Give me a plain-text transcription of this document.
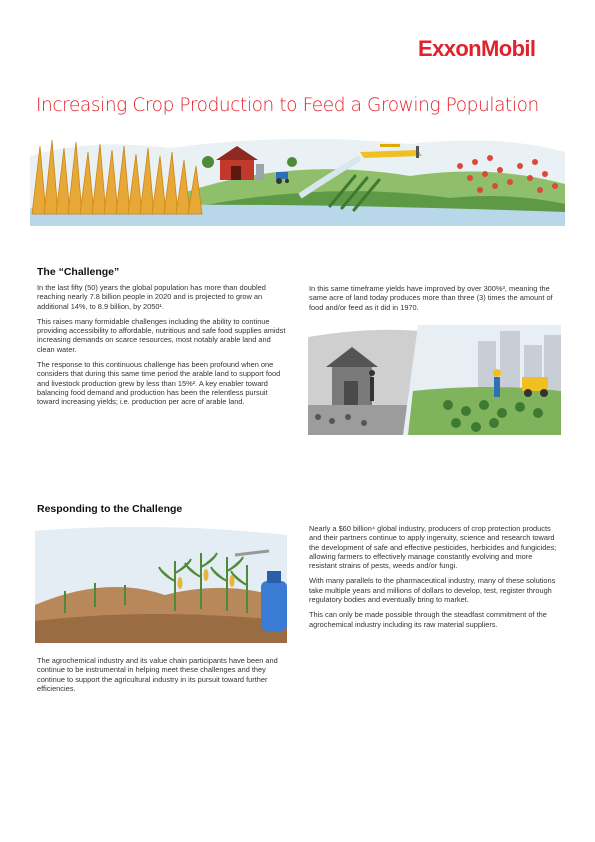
ExxonMobil
Increasing Crop Production to Feed a Growing Population
The “Challenge”

In the last fifty (50) years the global population has more than doubled reaching nearly 7.8 billion people in 2020 and is projected to grow an additional 14%, to 8.9 billion, by 2050¹.

This raises many formidable challenges including the ability to continue providing accessibility to affordable, nutritious and safe food supplies amidst increasing demands on scarce resources, most notably arable land and clean water.

The response to this continuous challenge has been profound when one considers that during this same time period the arable land to support food and livestock production grew by less than 15%². A key enabler toward balancing food demand and production has been the relentless pursuit toward increasing yields; i.e. production per acre of arable land.

In this same timeframe yields have improved by over 300%³, meaning the same acre of land today produces more than three (3) times the amount of food and/or feed as it did in 1970.

Responding to the Challenge

The agrochemical industry and its value chain participants have been and continue to be instrumental in helping meet these challenges and they continue to support the agricultural industry in its pursuit toward further efficiencies.

Nearly a $60 billion⁴ global industry, producers of crop protection products and their partners continue to apply ingenuity, science and research toward the development of safe and effective pesticides, herbicides and fungicides; allowing farmers to effectively manage constantly evolving and more resistant strains of pests, weeds and/or fungi.

With many parallels to the pharmaceutical industry, many of these solutions take multiple years and millions of dollars to develop, test, register through regulatory bodies and eventually bring to market.

This can only be made possible through the steadfast commitment of the agrochemical industry including its raw material suppliers.
